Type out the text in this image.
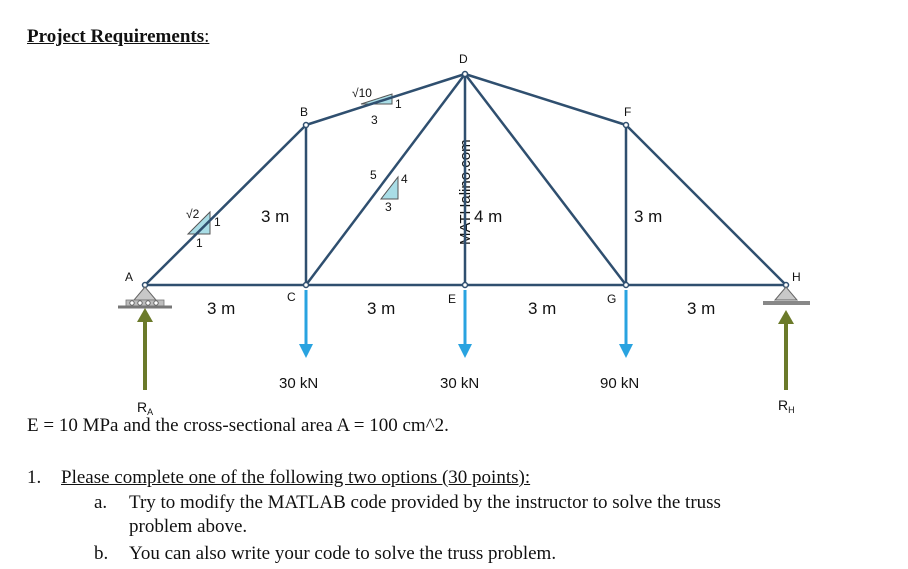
Project Requirements:
MATHalino.com
A
B
C
D
E
F
G
H
3 m	3 m	3 m	3 m
3 m	4 m	3 m
√2
1
1
√10
1
3
5 4
3
30 kN	30 kN	90 kN
$R_A$	$R_H$
E = 10 MPa and the cross-sectional area A = 100 cm^2.
1. Please complete one of the following two options (30 points):
a. Try to modify the MATLAB code provided by the instructor to solve the truss
problem above.
b. You can also write your code to solve the truss problem.
